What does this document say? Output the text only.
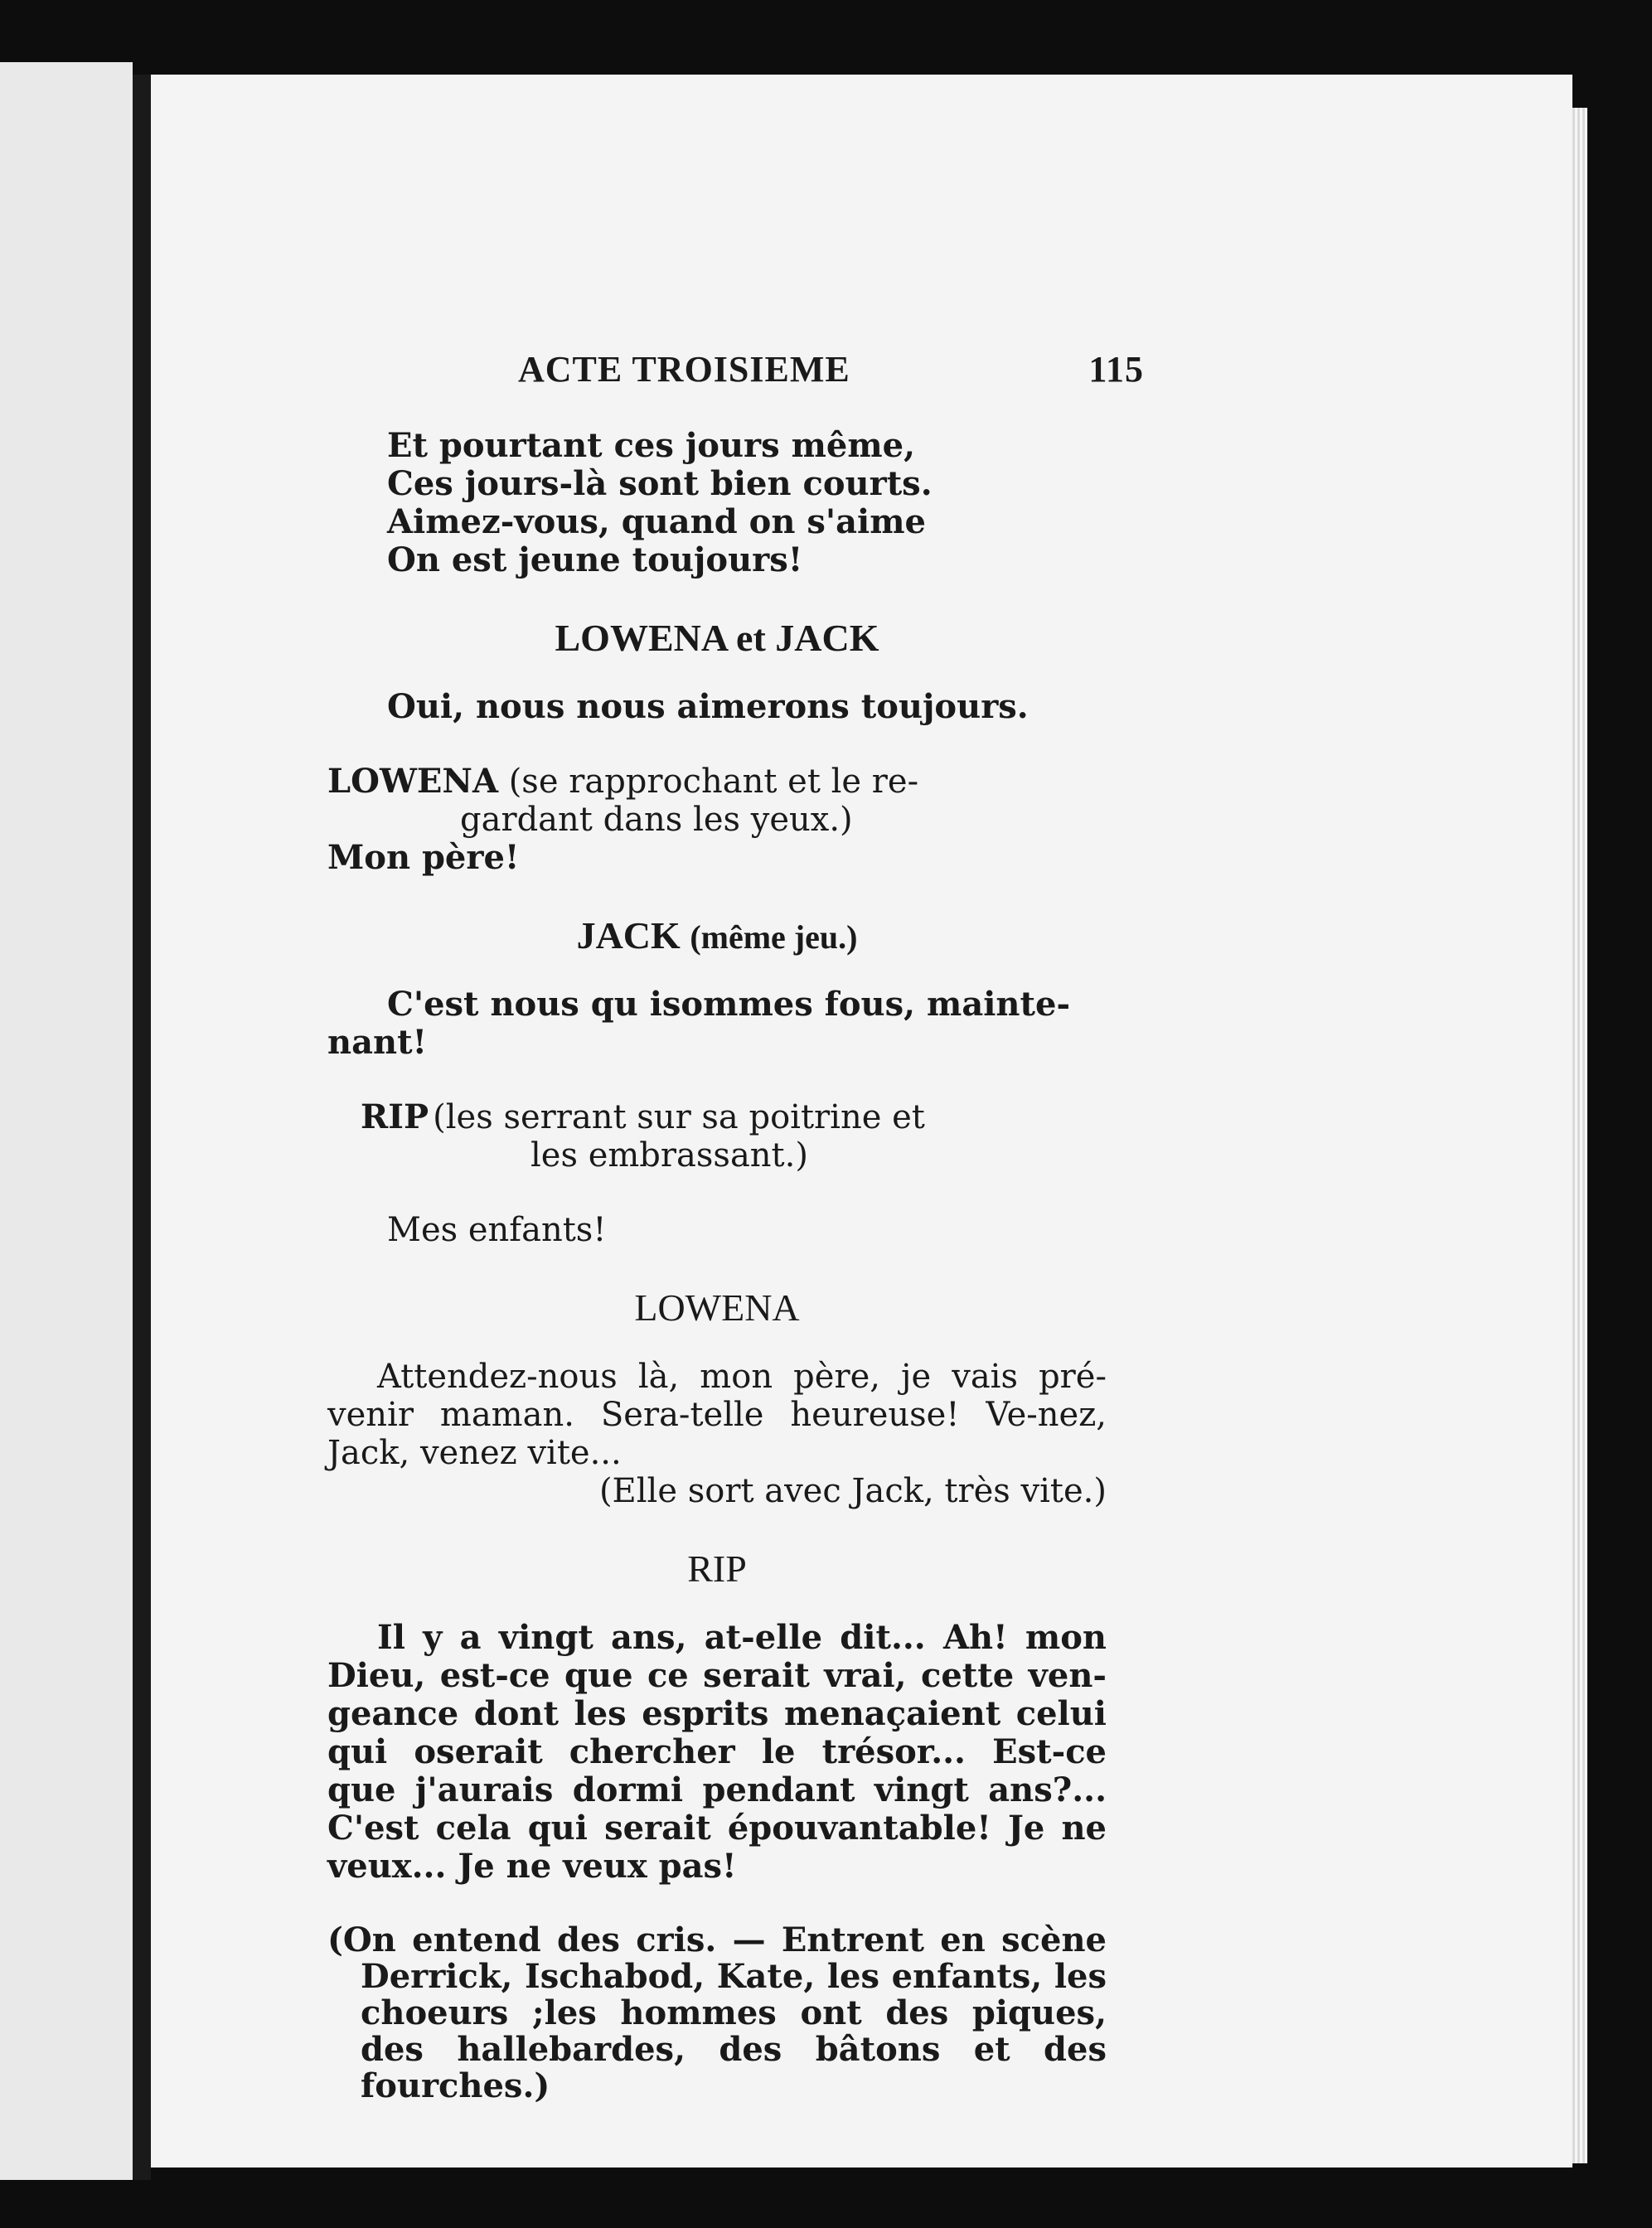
ACTE TROISIEME	115
Et pourtant ces jours même,
Ces jours-là sont bien courts.
Aimez-vous, quand on s'aime
On est jeune toujours!
LOWENA et JACK
Oui, nous nous aimerons toujours.
LOWENA (se rapprochant et le re-
gardant dans les yeux.)
Mon père!
JACK (même jeu.)
C'est nous qu isommes fous, mainte-
nant!
RIP (les serrant sur sa poitrine et
les embrassant.)
Mes enfants!
LOWENA
Attendez-nous là, mon père, je vais pré-venir maman. Sera-telle heureuse! Ve-nez, Jack, venez vite...
(Elle sort avec Jack, très vite.)
RIP
Il y a vingt ans, at-elle dit... Ah! mon Dieu, est-ce que ce serait vrai, cette ven-geance dont les esprits menaçaient celui qui oserait chercher le trésor... Est-ce que j'aurais dormi pendant vingt ans?... C'est cela qui serait épouvantable! Je ne veux... Je ne veux pas!
(On entend des cris. — Entrent en scène Derrick, Ischabod, Kate, les enfants, les choeurs ;les hommes ont des piques, des hallebardes, des bâtons et des fourches.)
